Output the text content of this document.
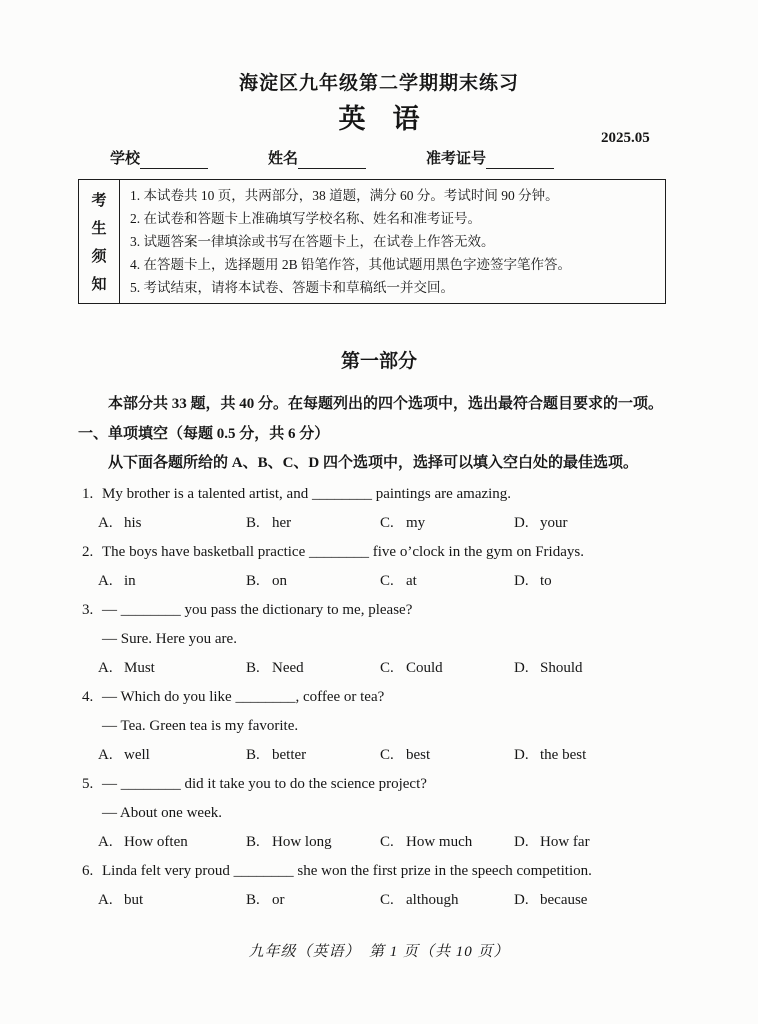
海淀区九年级第二学期期末练习
英　语
2025.05
学校	姓名	准考证号
考
生
须
知
1. 本试卷共 10 页，共两部分，38 道题，满分 60 分。考试时间 90 分钟。
2. 在试卷和答题卡上准确填写学校名称、姓名和准考证号。
3. 试题答案一律填涂或书写在答题卡上，在试卷上作答无效。
4. 在答题卡上，选择题用 2B 铅笔作答，其他试题用黑色字迹签字笔作答。
5. 考试结束，请将本试卷、答题卡和草稿纸一并交回。
第一部分
本部分共 33 题，共 40 分。在每题列出的四个选项中，选出最符合题目要求的一项。
一、单项填空（每题 0.5 分，共 6 分）
从下面各题所给的 A、B、C、D 四个选项中，选择可以填入空白处的最佳选项。
1. My brother is a talented artist, and ________ paintings are amazing.
A. his	B. her	C. my	D. your
2. The boys have basketball practice ________ five o’clock in the gym on Fridays.
A. in	B. on	C. at	D. to
3. — ________ you pass the dictionary to me, please?
— Sure. Here you are.
A. Must	B. Need	C. Could	D. Should
4. — Which do you like ________, coffee or tea?
— Tea. Green tea is my favorite.
A. well	B. better	C. best	D. the best
5. — ________ did it take you to do the science project?
— About one week.
A. How often	B. How long	C. How much	D. How far
6. Linda felt very proud ________ she won the first prize in the speech competition.
A. but	B. or	C. although	D. because
九年级（英语）　第 1 页（共 10 页）
